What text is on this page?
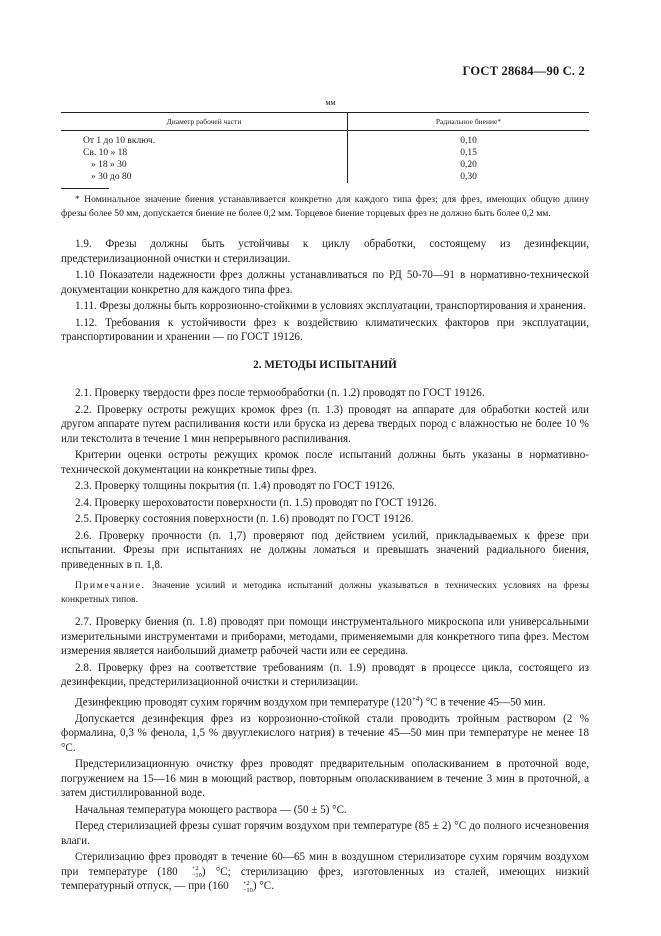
ГОСТ 28684—90 С. 2
мм
Диаметр рабочей части	Радиальное биение*
От 1 до 10 включ.	0,10
Св. 10 » 18	0,15
» 18 » 30	0,20
» 30 до 80	0,30
* Номинальное значение биения устанавливается конкретно для каждого типа фрез; для фрез, имеющих общую длину фрезы более 50 мм, допускается биение не более 0,2 мм. Торцевое биение торцевых фрез не должно быть более 0,2 мм.

1.9. Фрезы должны быть устойчивы к циклу обработки, состоящему из дезинфекции, предстерилизационной очистки и стерилизации.

1.10 Показатели надежности фрез должны устанавливаться по РД 50-70—91 в нормативно-технической документации конкретно для каждого типа фрез.

1.11. Фрезы должны быть коррозионно-стойкими в условиях эксплуатации, транспортирования и хранения.

1.12. Требования к устойчивости фрез к воздействию климатических факторов при эксплуатации, транспортировании и хранении — по ГОСТ 19126.

2. МЕТОДЫ ИСПЫТАНИЙ

2.1. Проверку твердости фрез после термообработки (п. 1.2) проводят по ГОСТ 19126.

2.2. Проверку остроты режущих кромок фрез (п. 1.3) проводят на аппарате для обработки костей или другом аппарате путем распиливания кости или бруска из дерева твердых пород с влажностью не более 10 % или текстолита в течение 1 мин непрерывного распиливания.

Критерии оценки остроты режущих кромок после испытаний должны быть указаны в нормативно-технической документации на конкретные типы фрез.

2.3. Проверку толщины покрытия (п. 1.4) проводят по ГОСТ 19126.

2.4. Проверку шероховатости поверхности (п. 1.5) проводят по ГОСТ 19126.

2.5. Проверку состояния поверхности (п. 1.6) проводят по ГОСТ 19126.

2.6. Проверку прочности (п. 1,7) проверяют под действием усилий, прикладываемых к фрезе при испытании. Фрезы при испытаниях не должны ломаться и превышать значений радиального биения, приведенных в п. 1,8.

Примечание. Значение усилий и методика испытаний должны указываться в технических условиях на фрезы конкретных типов.

2.7. Проверку биения (п. 1.8) проводят при помощи инструментального микроскопа или универсальными измерительными инструментами и приборами, методами, применяемыми для конкретного типа фрез. Местом измерения является наибольший диаметр рабочей части или ее середина.

2.8. Проверку фрез на соответствие требованиям (п. 1.9) проводят в процессе цикла, состоящего из дезинфекции, предстерилизационной очистки и стерилизации.

Дезинфекцию проводят сухим горячим воздухом при температуре $(120^{+4})$ °С в течение 45—50 мин.

Допускается дезинфекция фрез из коррозионно-стойкой стали проводить тройным раствором (2 % формалина, 0,3 % фенола, 1,5 % двууглекислого натрия) в течение 45—50 мин при температуре не менее 18 °С.

Предстерилизационную очистку фрез проводят предварительным ополаскиванием в проточной воде, погружением на 15—16 мин в моющий раствор, повторным ополаскиванием в течение 3 мин в проточной, а затем дистиллированной воде.

Начальная температура моющего раствора — (50 ± 5) °С.

Перед стерилизацией фрезы сушат горячим воздухом при температуре (85 ± 2) °С до полного исчезновения влаги.

Стерилизацию фрез проводят в течение 60—65 мин в воздушном стерилизаторе сухим горячим воздухом при температуре (180	+2
−10 ) °С; стерилизацию фрез, изготовленных из сталей, имеющих низкий температурный отпуск, — при (160	+2
−10 ) °С.
